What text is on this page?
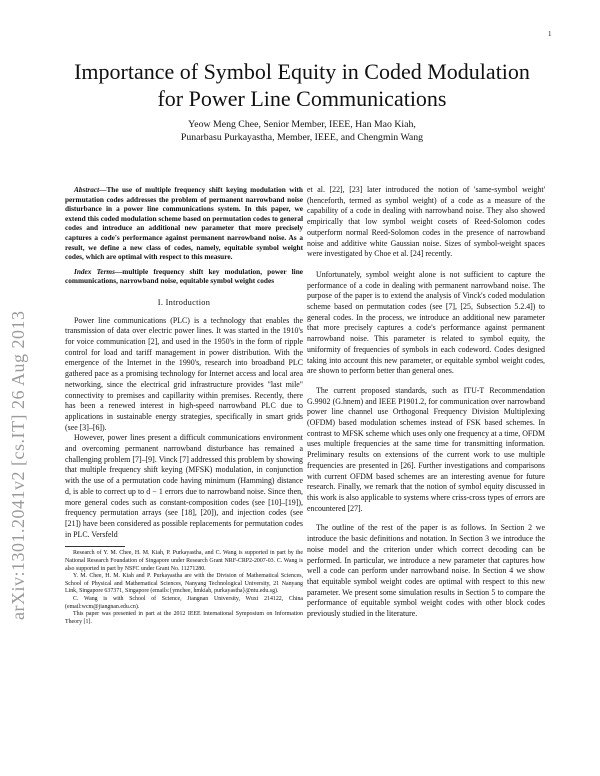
1
arXiv:1301.2041v2 [cs.IT] 26 Aug 2013
Importance of Symbol Equity in Coded Modulation for Power Line Communications
Yeow Meng Chee, Senior Member, IEEE, Han Mao Kiah,
Punarbasu Purkayastha, Member, IEEE, and Chengmin Wang

Abstract—The use of multiple frequency shift keying modulation with permutation codes addresses the problem of permanent narrowband noise disturbance in a power line communications system. In this paper, we extend this coded modulation scheme based on permutation codes to general codes and introduce an additional new parameter that more precisely captures a code's performance against permanent narrowband noise. As a result, we define a new class of codes, namely, equitable symbol weight codes, which are optimal with respect to this measure.

Index Terms—multiple frequency shift key modulation, power line communications, narrowband noise, equitable symbol weight codes

I. Introduction

Power line communications (PLC) is a technology that enables the transmission of data over electric power lines. It was started in the 1910's for voice communication [2], and used in the 1950's in the form of ripple control for load and tariff management in power distribution. With the emergence of the Internet in the 1990's, research into broadband PLC gathered pace as a promising technology for Internet access and local area networking, since the electrical grid infrastructure provides "last mile" connectivity to premises and capillarity within premises. Recently, there has been a renewed interest in high-speed narrowband PLC due to applications in sustainable energy strategies, specifically in smart grids (see [3]–[6]).

However, power lines present a difficult communications environment and overcoming permanent narrowband disturbance has remained a challenging problem [7]–[9]. Vinck [7] addressed this problem by showing that multiple frequency shift keying (MFSK) modulation, in conjunction with the use of a permutation code having minimum (Hamming) distance d, is able to correct up to d − 1 errors due to narrowband noise. Since then, more general codes such as constant-composition codes (see [10]–[19]), frequency permutation arrays (see [18], [20]), and injection codes (see [21]) have been considered as possible replacements for permutation codes in PLC. Versfeld

Research of Y. M. Chee, H. M. Kiah, P. Purkayastha, and C. Wang is supported in part by the National Research Foundation of Singapore under Research Grant NRF-CRP2-2007-03. C. Wang is also supported in part by NSFC under Grant No. 11271280.

Y. M. Chee, H. M. Kiah and P. Purkayastha are with the Division of Mathematical Sciences, School of Physical and Mathematical Sciences, Nanyang Technological University, 21 Nanyang Link, Singapore 637371, Singapore (emails:{ymchee, hmkiah, purkayastha}@ntu.edu.sg).

C. Wang is with School of Science, Jiangnan University, Wuxi 214122, China (email:wcm@jiangnan.edu.cn).

This paper was presented in part at the 2012 IEEE International Symposium on Information Theory [1].

et al. [22], [23] later introduced the notion of 'same-symbol weight' (henceforth, termed as symbol weight) of a code as a measure of the capability of a code in dealing with narrowband noise. They also showed empirically that low symbol weight cosets of Reed-Solomon codes outperform normal Reed-Solomon codes in the presence of narrowband noise and additive white Gaussian noise. Sizes of symbol-weight spaces were investigated by Choe et al. [24] recently.

Unfortunately, symbol weight alone is not sufficient to capture the performance of a code in dealing with permanent narrowband noise. The purpose of the paper is to extend the analysis of Vinck's coded modulation scheme based on permutation codes (see [7], [25, Subsection 5.2.4]) to general codes. In the process, we introduce an additional new parameter that more precisely captures a code's performance against permanent narrowband noise. This parameter is related to symbol equity, the uniformity of frequencies of symbols in each codeword. Codes designed taking into account this new parameter, or equitable symbol weight codes, are shown to perform better than general ones.

The current proposed standards, such as ITU-T Recommendation G.9902 (G.hnem) and IEEE P1901.2, for communication over narrowband power line channel use Orthogonal Frequency Division Multiplexing (OFDM) based modulation schemes instead of FSK based schemes. In contrast to MFSK scheme which uses only one frequency at a time, OFDM uses multiple frequencies at the same time for transmitting information. Preliminary results on extensions of the current work to use multiple frequencies are presented in [26]. Further investigations and comparisons with current OFDM based schemes are an interesting avenue for future research. Finally, we remark that the notion of symbol equity discussed in this work is also applicable to systems where criss-cross types of errors are encountered [27].

The outline of the rest of the paper is as follows. In Section 2 we introduce the basic definitions and notation. In Section 3 we introduce the noise model and the criterion under which correct decoding can be performed. In particular, we introduce a new parameter that captures how well a code can perform under narrowband noise. In Section 4 we show that equitable symbol weight codes are optimal with respect to this new parameter. We present some simulation results in Section 5 to compare the performance of equitable symbol weight codes with other block codes previously studied in the literature.
